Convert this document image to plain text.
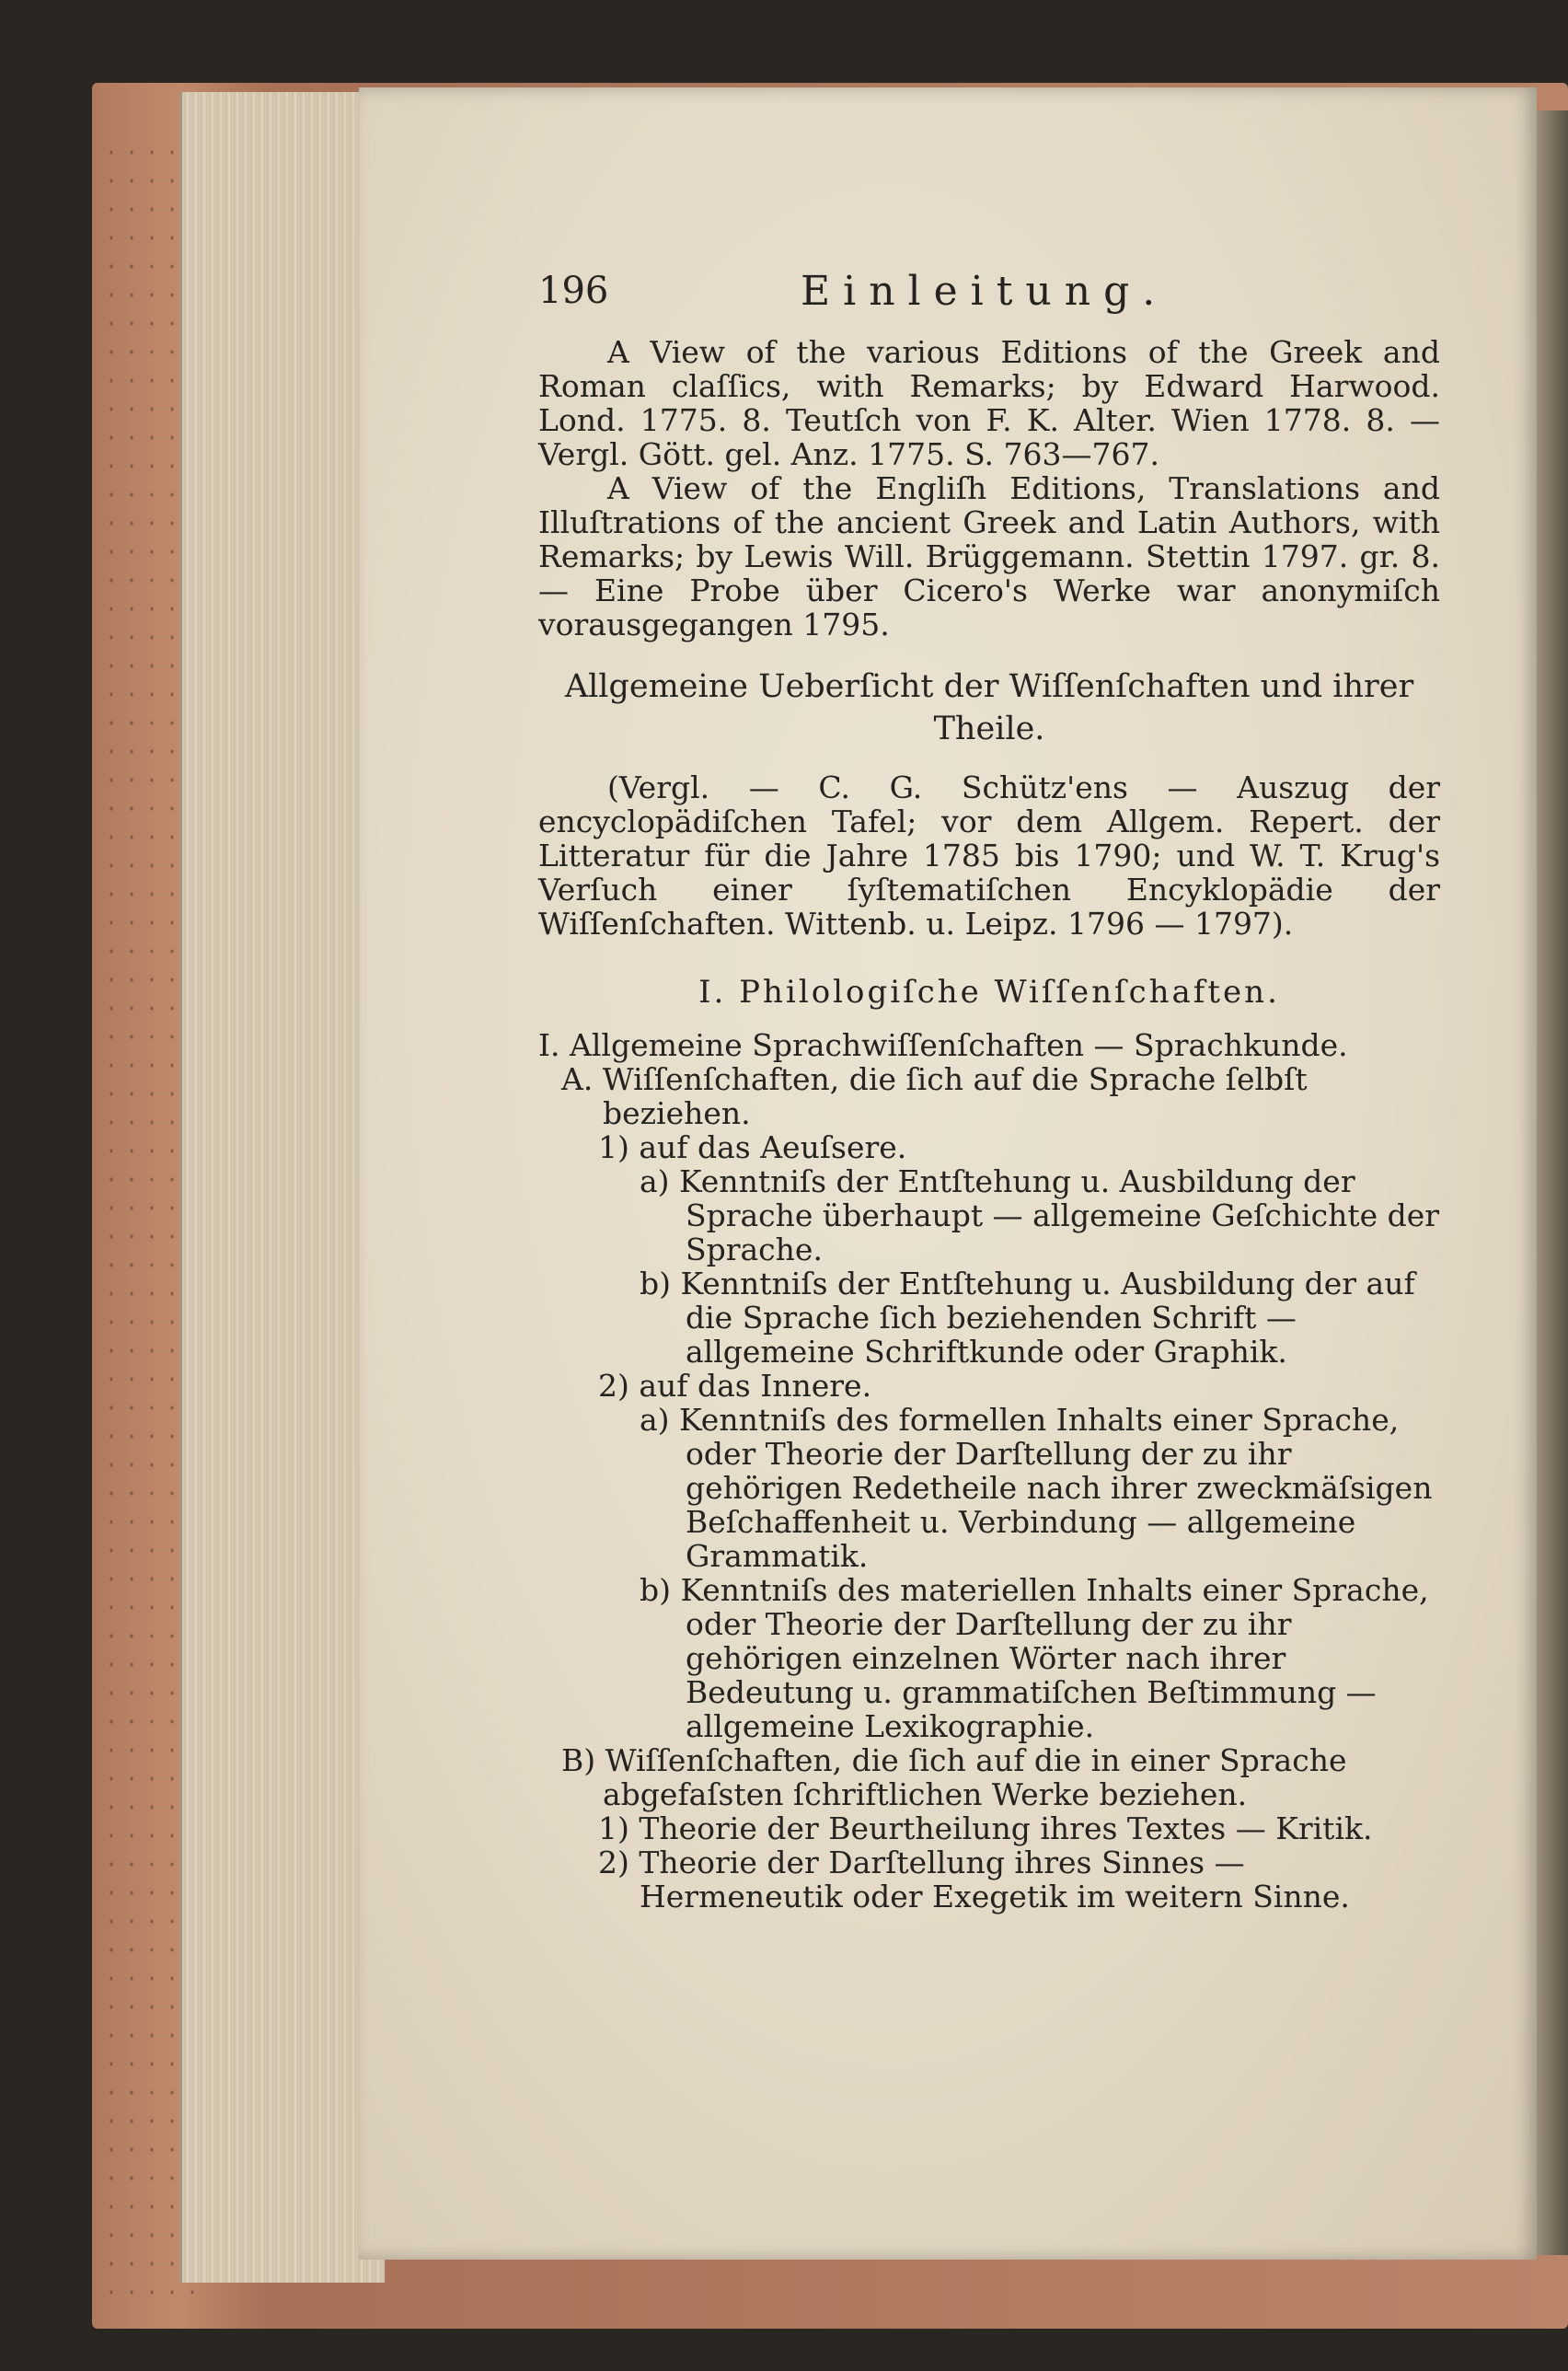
196	Einleitung.

A View of the various Editions of the Greek and Roman claſſics, with Remarks; by Edward Harwood. Lond. 1775. 8. Teutſch von F. K. Alter. Wien 1778. 8. — Vergl. Gött. gel. Anz. 1775. S. 763—767.

A View of the Engliſh Editions, Translations and Illuſtrations of the ancient Greek and Latin Authors, with Remarks; by Lewis Will. Brüggemann. Stettin 1797. gr. 8. — Eine Probe über Cicero's Werke war anonymiſch vorausgegangen 1795.

Allgemeine Ueberſicht der Wiſſenſchaften und ihrer Theile.

(Vergl. — C. G. Schütz'ens — Auszug der encyclopädiſchen Tafel; vor dem Allgem. Repert. der Litteratur für die Jahre 1785 bis 1790; und W. T. Krug's Verſuch einer ſyſtematiſchen Encyklopädie der Wiſſenſchaften. Wittenb. u. Leipz. 1796 — 1797).

I. Philologiſche Wiſſenſchaften.

I. Allgemeine Sprachwiſſenſchaften — Sprachkunde.
A. Wiſſenſchaften, die ſich auf die Sprache ſelbſt beziehen.
1) auf das Aeuſsere.
a) Kenntniſs der Entſtehung u. Ausbildung der Sprache überhaupt — allgemeine Geſchichte der Sprache.
b) Kenntniſs der Entſtehung u. Ausbildung der auf die Sprache ſich beziehenden Schrift — allgemeine Schriftkunde oder Graphik.
2) auf das Innere.
a) Kenntniſs des formellen Inhalts einer Sprache, oder Theorie der Darſtellung der zu ihr gehörigen Redetheile nach ihrer zweckmäſsigen Beſchaffenheit u. Verbindung — allgemeine Grammatik.
b) Kenntniſs des materiellen Inhalts einer Sprache, oder Theorie der Darſtellung der zu ihr gehörigen einzelnen Wörter nach ihrer Bedeutung u. grammatiſchen Beſtimmung — allgemeine Lexikographie.
B) Wiſſenſchaften, die ſich auf die in einer Sprache abgefaſsten ſchriftlichen Werke beziehen.
1) Theorie der Beurtheilung ihres Textes — Kritik.
2) Theorie der Darſtellung ihres Sinnes — Hermeneutik oder Exegetik im weitern Sinne.
